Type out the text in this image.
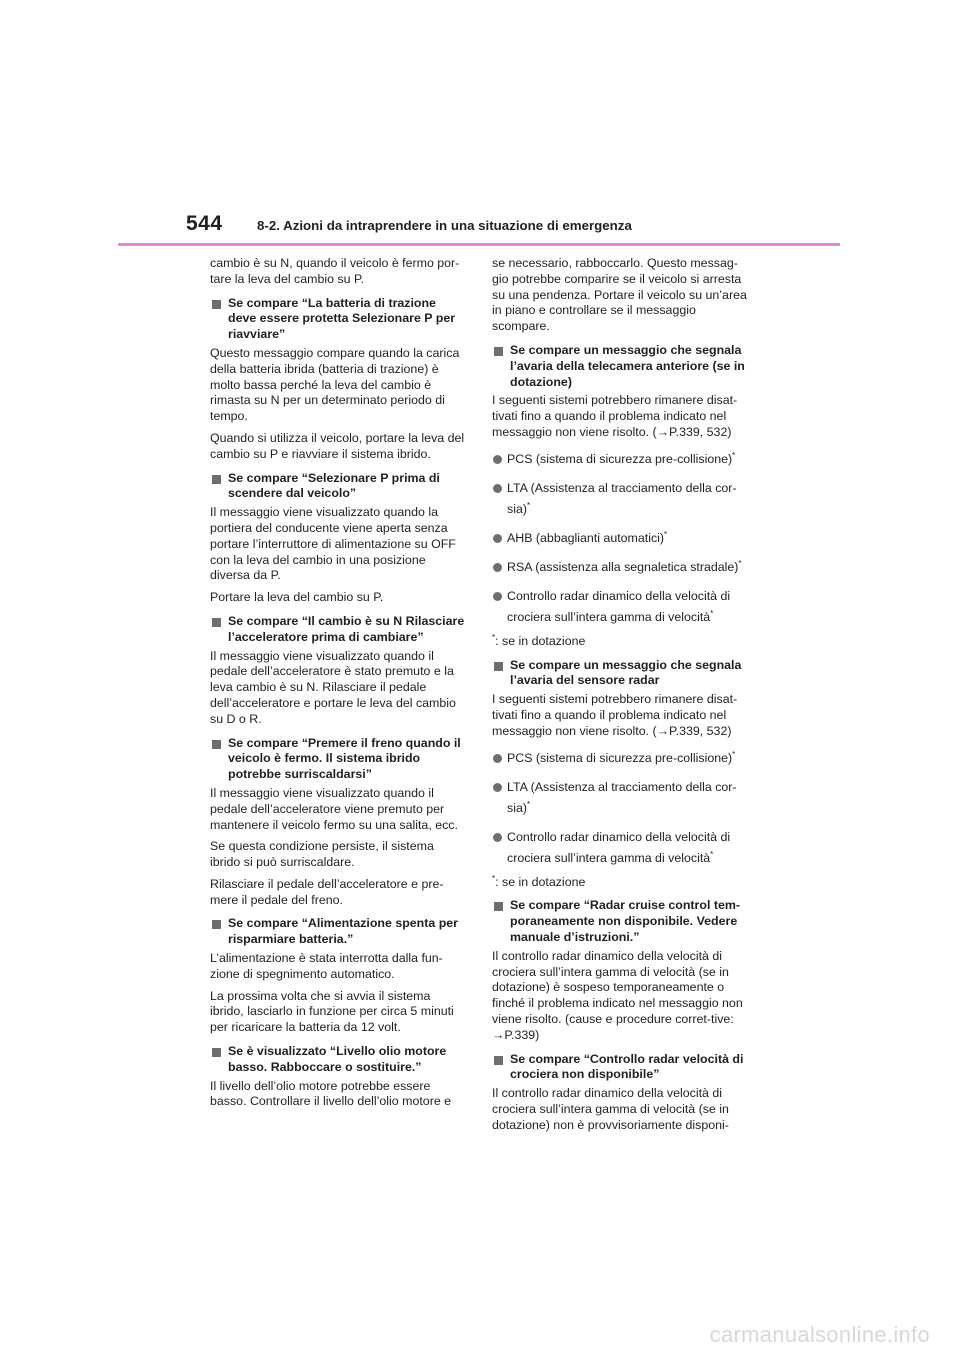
544	8-2. Azioni da intraprendere in una situazione di emergenza

cambio è su N, quando il veicolo è fermo por-tare la leva del cambio su P.

Se compare “La batteria di trazione deve essere protetta Selezionare P per riavviare”

Questo messaggio compare quando la carica della batteria ibrida (batteria di trazione) è molto bassa perché la leva del cambio è rimasta su N per un determinato periodo di tempo.

Quando si utilizza il veicolo, portare la leva del cambio su P e riavviare il sistema ibrido.

Se compare “Selezionare P prima di scendere dal veicolo”

Il messaggio viene visualizzato quando la portiera del conducente viene aperta senza portare l’interruttore di alimentazione su OFF con la leva del cambio in una posizione diversa da P.

Portare la leva del cambio su P.

Se compare “Il cambio è su N Rilasciare l’acceleratore prima di cambiare”

Il messaggio viene visualizzato quando il pedale dell’acceleratore è stato premuto e la leva cambio è su N. Rilasciare il pedale dell’acceleratore e portare le leva del cambio su D o R.

Se compare “Premere il freno quando il veicolo è fermo. Il sistema ibrido potrebbe surriscaldarsi”

Il messaggio viene visualizzato quando il pedale dell’acceleratore viene premuto per mantenere il veicolo fermo su una salita, ecc.

Se questa condizione persiste, il sistema ibrido si può surriscaldare.

Rilasciare il pedale dell’acceleratore e pre-mere il pedale del freno.

Se compare “Alimentazione spenta per risparmiare batteria.”

L’alimentazione è stata interrotta dalla fun-zione di spegnimento automatico.

La prossima volta che si avvia il sistema ibrido, lasciarlo in funzione per circa 5 minuti per ricaricare la batteria da 12 volt.

Se è visualizzato “Livello olio motore basso. Rabboccare o sostituire.”

Il livello dell’olio motore potrebbe essere basso. Controllare il livello dell’olio motore e

se necessario, rabboccarlo. Questo messag-gio potrebbe comparire se il veicolo si arresta su una pendenza. Portare il veicolo su un’area in piano e controllare se il messaggio scompare.

Se compare un messaggio che segnala l’avaria della telecamera anteriore (se in dotazione)

I seguenti sistemi potrebbero rimanere disat-tivati fino a quando il problema indicato nel messaggio non viene risolto. (→P.339, 532)

PCS (sistema di sicurezza pre-collisione)*
LTA (Assistenza al tracciamento della cor-sia)*
AHB (abbaglianti automatici)*
RSA (assistenza alla segnaletica stradale)*
Controllo radar dinamico della velocità di crociera sull’intera gamma di velocità*

*: se in dotazione

Se compare un messaggio che segnala l’avaria del sensore radar

I seguenti sistemi potrebbero rimanere disat-tivati fino a quando il problema indicato nel messaggio non viene risolto. (→P.339, 532)

PCS (sistema di sicurezza pre-collisione)*
LTA (Assistenza al tracciamento della cor-sia)*
Controllo radar dinamico della velocità di crociera sull’intera gamma di velocità*

*: se in dotazione

Se compare “Radar cruise control tem-poraneamente non disponibile. Vedere manuale d’istruzioni.”

Il controllo radar dinamico della velocità di crociera sull’intera gamma di velocità (se in dotazione) è sospeso temporaneamente o finché il problema indicato nel messaggio non viene risolto. (cause e procedure corret-tive: →P.339)

Se compare “Controllo radar velocità di crociera non disponibile”

Il controllo radar dinamico della velocità di crociera sull’intera gamma di velocità (se in dotazione) non è provvisoriamente disponi-

carmanualsonline.info
